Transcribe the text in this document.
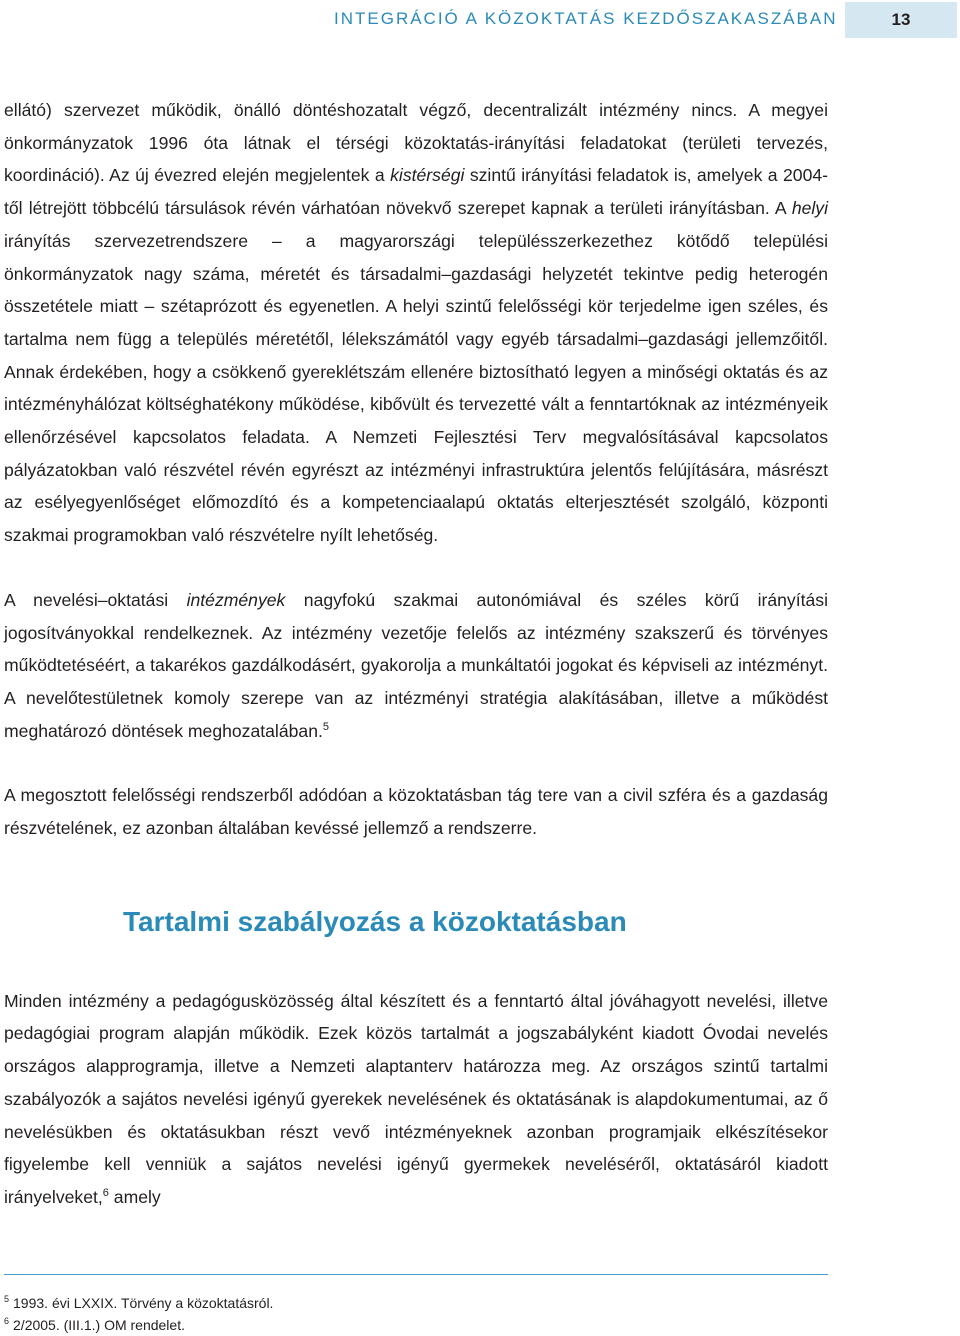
INTEGRÁCIÓ A KÖZOKTATÁS KEZDŐSZAKASZÁBAN	13

ellátó) szervezet működik, önálló döntéshozatalt végző, decentralizált intézmény nincs. A megyei önkormányzatok 1996 óta látnak el térségi közoktatás-irányítási feladatokat (területi tervezés, koordináció). Az új évezred elején megjelentek a kistérségi szintű irányítási feladatok is, amelyek a 2004-től létrejött többcélú társulások révén várhatóan növekvő szerepet kapnak a területi irányításban. A helyi irányítás szervezetrendszere – a magyarországi településszerkezethez kötődő települési önkormányzatok nagy száma, méretét és társadalmi–gazdasági helyzetét tekintve pedig heterogén összetétele miatt – szétaprózott és egyenetlen. A helyi szintű felelősségi kör terjedelme igen széles, és tartalma nem függ a település méretétől, lélekszámától vagy egyéb társadalmi–gazdasági jellemzőitől. Annak érdekében, hogy a csökkenő gyereklétszám ellenére biztosítható legyen a minőségi oktatás és az intézményhálózat költséghatékony működése, kibővült és tervezetté vált a fenntartóknak az intézményeik ellenőrzésével kapcsolatos feladata. A Nemzeti Fejlesztési Terv megvalósításával kapcsolatos pályázatokban való részvétel révén egyrészt az intézményi infrastruktúra jelentős felújítására, másrészt az esélyegyenlőséget előmozdító és a kompetenciaalapú oktatás elterjesztését szolgáló, központi szakmai programokban való részvételre nyílt lehetőség.

A nevelési–oktatási intézmények nagyfokú szakmai autonómiával és széles körű irányítási jogosítványokkal rendelkeznek. Az intézmény vezetője felelős az intézmény szakszerű és törvényes működtetéséért, a takarékos gazdálkodásért, gyakorolja a munkáltatói jogokat és képviseli az intézményt. A nevelőtestületnek komoly szerepe van az intézményi stratégia alakításában, illetve a működést meghatározó döntések meghozatalában.$^5$

A megosztott felelősségi rendszerből adódóan a közoktatásban tág tere van a civil szféra és a gazdaság részvételének, ez azonban általában kevéssé jellemző a rendszerre.

Tartalmi szabályozás a közoktatásban

Minden intézmény a pedagógusközösség által készített és a fenntartó által jóváhagyott nevelési, illetve pedagógiai program alapján működik. Ezek közös tartalmát a jogszabályként kiadott Óvodai nevelés országos alapprogramja, illetve a Nemzeti alaptanterv határozza meg. Az országos szintű tartalmi szabályozók a sajátos nevelési igényű gyerekek nevelésének és oktatásának is alapdokumentumai, az ő nevelésükben és oktatásukban részt vevő intézményeknek azonban programjaik elkészítésekor figyelembe kell venniük a sajátos nevelési igényű gyermekek neveléséről, oktatásáról kiadott irányelveket,$^6$ amely

$^5$ 1993. évi LXXIX. Törvény a közoktatásról.
$^6$ 2/2005. (III.1.) OM rendelet.
